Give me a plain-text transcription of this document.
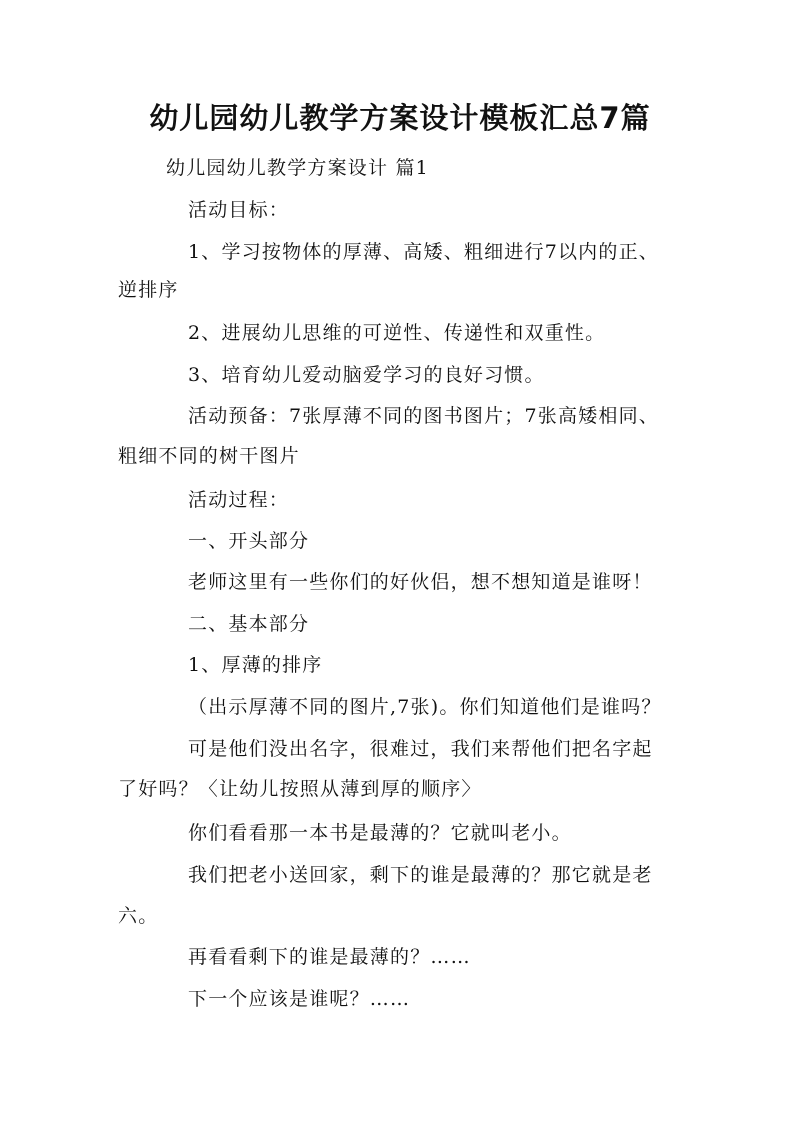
幼儿园幼儿教学方案设计模板汇总7篇
幼儿园幼儿教学方案设计 篇1
活动目标：
1、学习按物体的厚薄、高矮、粗细进行7以内的正、
逆排序
2、进展幼儿思维的可逆性、传递性和双重性。
3、培育幼儿爱动脑爱学习的良好习惯。
活动预备：7张厚薄不同的图书图片；7张高矮相同、
粗细不同的树干图片
活动过程：
一、开头部分
老师这里有一些你们的好伙侣，想不想知道是谁呀！
二、基本部分
1、厚薄的排序
（出示厚薄不同的图片,7张)。你们知道他们是谁吗？
可是他们没出名字，很难过，我们来帮他们把名字起
了好吗？〈让幼儿按照从薄到厚的顺序〉
你们看看那一本书是最薄的？它就叫老小。
我们把老小送回家，剩下的谁是最薄的？那它就是老
六。
再看看剩下的谁是最薄的？……
下一个应该是谁呢？……
